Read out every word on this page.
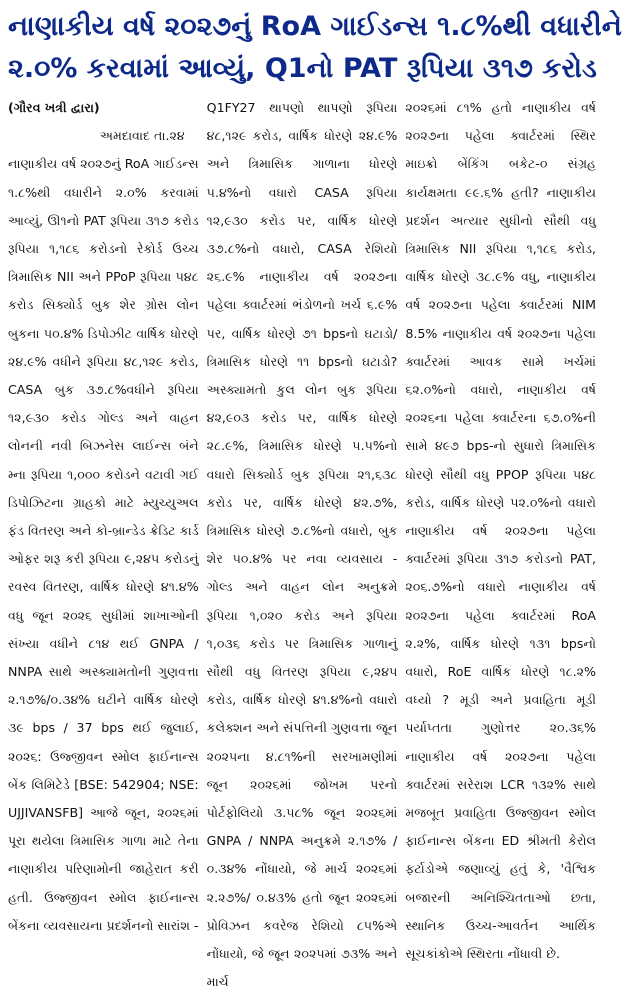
નાણાકીય વર્ષ ૨૦૨૭નું RoA ગાઈડન્સ ૧.૮%થી વધારીને
૨.૦% કરવામાં આવ્યું, Q1નો PAT રૂપિયા ૩૧૭ કરોડ
(ગૌરવ ખત્રી દ્વારા)
અમદાવાદ તા.૨૪

નાણાકીય વર્ષ ૨૦૨૭નું RoA ગાઈડન્સ ૧.૮%થી વધારીને ૨.૦% કરવામાં આવ્યું, ઊ૧નો PAT રૂપિયા ૩૧૭ કરોડ રૂપિયા ૧,૧૮૬ કરોડનો રેકોર્ડ ઉચ્ચ ત્રિમાસિક NII અને PPoP રૂપિયા ૫૪૮ કરોડ સિક્યોર્ડ બુક શેર ગ્રોસ લોન બુકના ૫૦.૪% ડિપોઝીટ વાર્ષિક ધોરણે ૨૪.૯% વધીને રૂપિયા ૪૮,૧૨૯ કરોડ, CASA બુક ૩૭.૮%વધીને રૂપિયા ૧૨,૯૩૦ કરોડ ગોલ્ડ અને વાહન લોનની નવી બિઝનેસ લાઈન્સ બંને મ્ના રૂપિયા ૧,૦૦૦ કરોડને વટાવી ગઈ ડિપોઝિટના ગ્રાહકો માટે મ્યુચ્યુઅલ ફંડ વિતરણ અને કો-બ્રાન્ડેડ ક્રેડિટ કાર્ડ ઓફર શરૂ કરી રૂપિયા ૯,૨૪૫ કરોડનું રવસ્વ વિતરણ, વાર્ષિક ધોરણે ૪૧.૪% વધુ જૂન ૨૦૨૬ સુધીમાં શાખાઓની સંખ્યા વધીને ૮૧૪ થઈ GNPA / NNPA સાથે અસ્ક્યામતોની ગુણવત્તા ૨.૧૭%/૦.૩૪% ઘટીને વાર્ષિક ધોરણે ૩૯ bps / 37 bps થઈ જુલાઈ, ૨૦૨૬: ઉજ્જીવન સ્મોલ ફાઈનાન્સ બેંક લિમિટેડે [BSE: 542904; NSE: UJJIVANSFB] આજે જૂન, ૨૦૨૬માં પૂરા થયેલા ત્રિમાસિક ગાળા માટે તેના નાણાકીય પરિણામોની જાહેરાત કરી હતી. ઉજ્જીવન સ્મોલ ફાઈનાન્સ બેંકના વ્યવસાયના પ્રદર્શનનો સારાંશ -

Q1FY27 થાપણો થાપણો રૂપિયા ૪૮,૧૨૯ કરોડ, વાર્ષિક ધોરણે ૨૪.૯% અને ત્રિમાસિક ગાળાના ધોરણે ૫.૪%નો વધારો CASA રૂપિયા ૧૨,૯૩૦ કરોડ પર, વાર્ષિક ધોરણે ૩૭.૮%નો વધારો, CASA રેશિયો ૨૬.૯% નાણાકીય વર્ષ ૨૦૨૭ના પહેલા ક્વાર્ટરમાં ભંડોળનો ખર્ચ ૬.૯% પર, વાર્ષિક ધોરણે ૭૧ bpsનો ઘટાડો/ ત્રિમાસિક ધોરણે ૧૧ bpsનો ઘટાડો? અસ્ક્યામતો કુલ લોન બુક રૂપિયા ૪૨,૯૦૩ કરોડ પર, વાર્ષિક ધોરણે ૨૮.૯%, ત્રિમાસિક ધોરણે ૫.૫%નો વધારો સિક્યોર્ડ બુક રૂપિયા ૨૧,૬૩૮ કરોડ પર, વાર્ષિક ધોરણે ૪૨.૭%, ત્રિમાસિક ધોરણે ૭.૮%નો વધારો, બુક શેર ૫૦.૪% પર નવા વ્યવસાય - ગોલ્ડ અને વાહન લોન અનુક્રમે રૂપિયા ૧,૦૨૦ કરોડ અને રૂપિયા ૧,૦૩૬ કરોડ પર ત્રિમાસિક ગાળાનું સૌથી વધુ વિતરણ રૂપિયા ૯,૨૪૫ કરોડ, વાર્ષિક ધોરણે ૪૧.૪%નો વધારો કલેક્શન અને સંપત્તિની ગુણવત્તા જૂન ૨૦૨૫ના ૪.૮૧%ની સરખામણીમાં જૂન ૨૦૨૬માં જોખમ પરનો પોર્ટફોલિયો ૩.૫૮% જૂન ૨૦૨૬માં GNPA / NNPA અનુક્રમે ૨.૧૭% / ૦.૩૪% નોંધાયો, જે માર્ચ ૨૦૨૬માં ૨.૨૭%/ ૦.૪૩% હતો જૂન ૨૦૨૬માં પ્રોવિઝન કવરેજ રેશિયો ૮૫%એ નોંધાયો, જે જૂન ૨૦૨૫માં ૭૩% અને માર્ચ

૨૦૨૬માં ૮૧% હતો નાણાકીય વર્ષ ૨૦૨૭ના પહેલા ક્વાર્ટરમાં સ્થિર માઇક્રો બેંકિંગ બકેટ-૦ સંગ્રહ કાર્યક્ષમતા ૯૯.૬% હતી? નાણાકીય પ્રદર્શન અત્યાર સુધીનો સૌથી વધુ ત્રિમાસિક NII રૂપિયા ૧,૧૮૬ કરોડ, વાર્ષિક ધોરણે ૩૮.૯% વધુ, નાણાકીય વર્ષ ૨૦૨૭ના પહેલા ક્વાર્ટરમાં NIM 8.5% નાણાકીય વર્ષ ૨૦૨૭ના પહેલા ક્વાર્ટરમાં આવક સામે ખર્ચમાં ૬૨.૦%નો વધારો, નાણાકીય વર્ષ ૨૦૨૬ના પહેલા ક્વાર્ટરના ૬૭.૦%ની સામે ૪૯૭ bps-નો સુધારો ત્રિમાસિક ધોરણે સૌથી વધુ PPOP રૂપિયા ૫૪૮ કરોડ, વાર્ષિક ધોરણે ૫૨.૦%નો વધારો નાણાકીય વર્ષ ૨૦૨૭ના પહેલા ક્વાર્ટરમાં રૂપિયા ૩૧૭ કરોડનો PAT, ૨૦૬.૭%નો વધારો નાણાકીય વર્ષ ૨૦૨૭ના પહેલા ક્વાર્ટરમાં RoA ૨.૨%, વાર્ષિક ધોરણે ૧૩૧ bpsનો વધારો, RoE વાર્ષિક ધોરણે ૧૮.૨% વધ્યો ? મૂડી અને પ્રવાહિતા મૂડી પર્યાપ્તતા ગુણોત્તર ૨૦.૩૬% નાણાકીય વર્ષ ૨૦૨૭ના પહેલા ક્વાર્ટરમાં સરેરાશ LCR ૧૩૨% સાથે મજબૂત પ્રવાહિતા ઉજ્જીવન સ્મોલ ફાઈનાન્સ બેંકના ED શ્રીમતી કેરોલ ફર્ટાડોએ જણાવ્યું હતું કે, 'વૈશ્વિક બજારની અનિશ્ચિતતાઓ છતા, સ્થાનિક ઉચ્ચ-આવર્તન આર્થિક સૂચકાંકોએ સ્થિરતા નોંધાવી છે.
